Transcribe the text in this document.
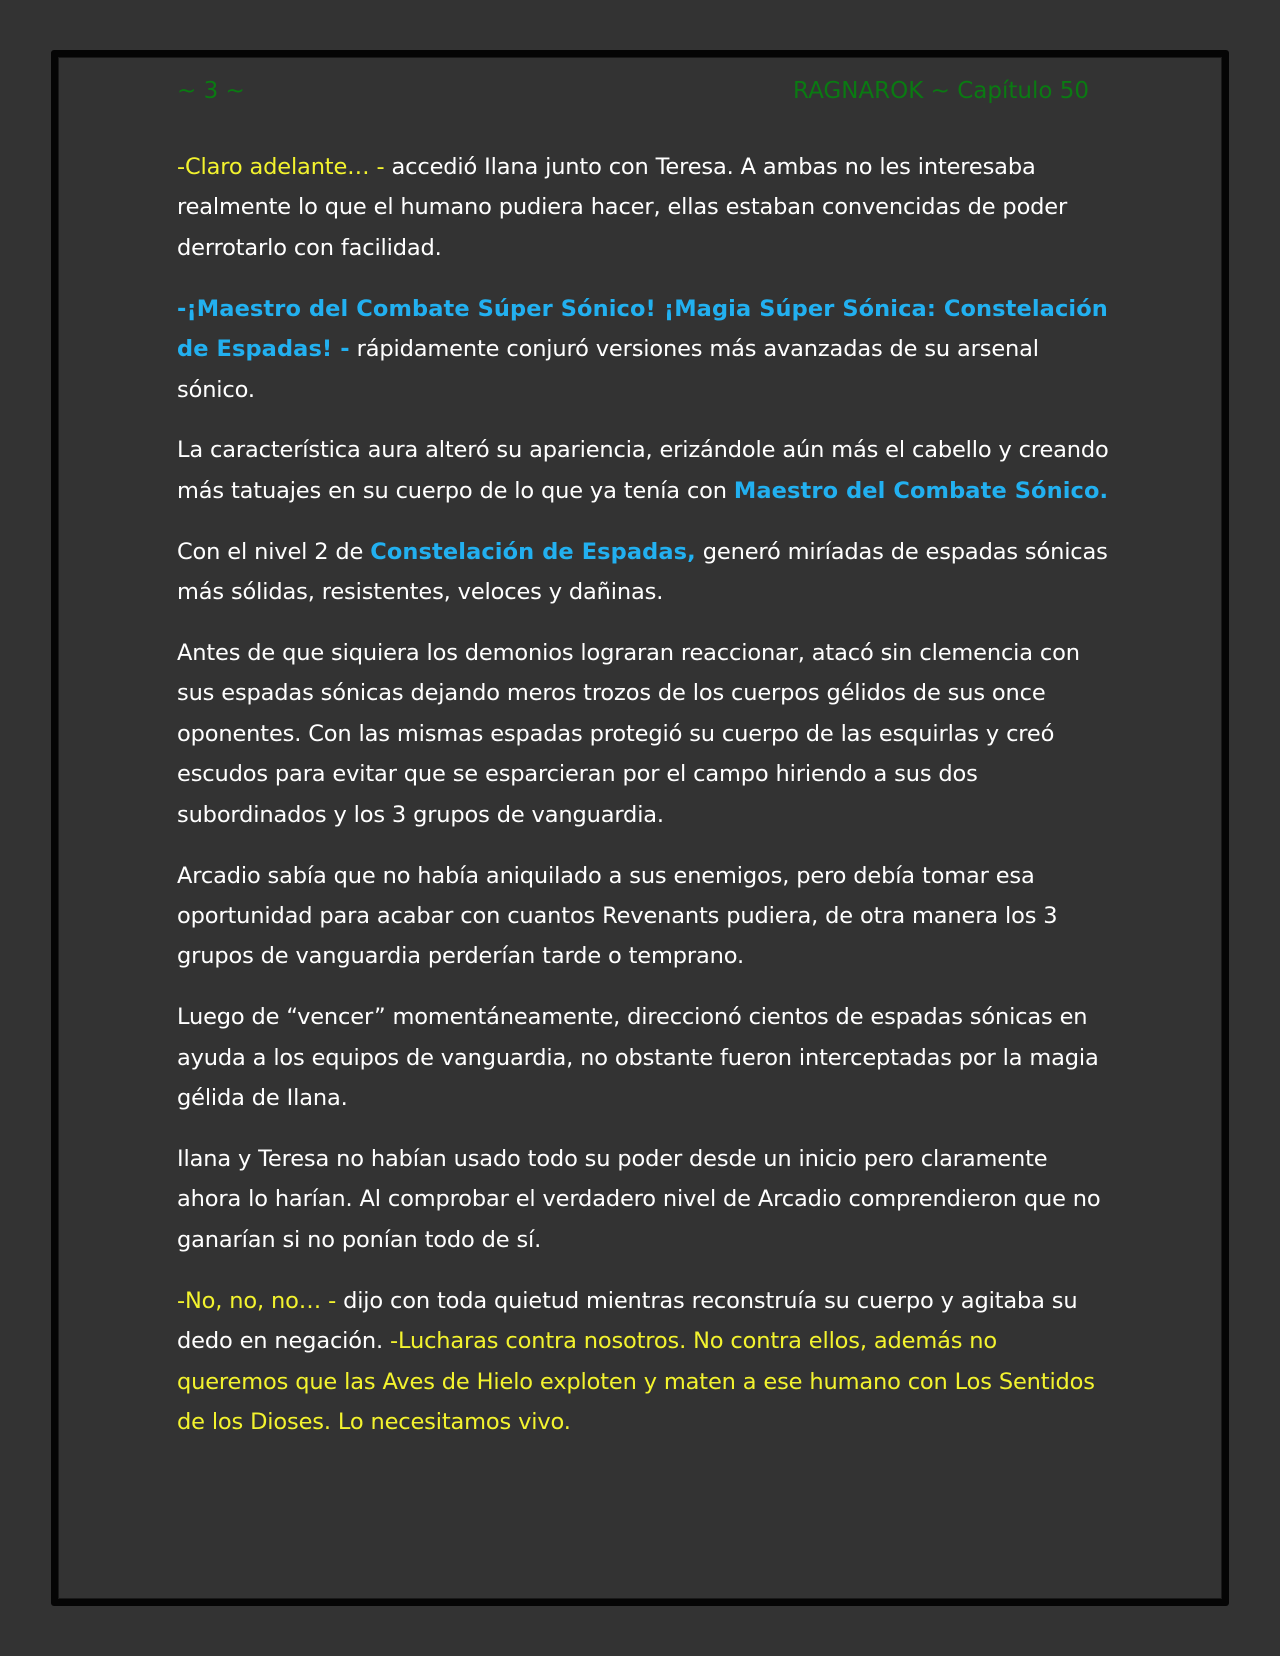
~ 3 ~	RAGNAROK ~ Capítulo 50

-Claro adelante… - accedió Ilana junto con Teresa. A ambas no les interesaba realmente lo que el humano pudiera hacer, ellas estaban convencidas de poder derrotarlo con facilidad.

-¡Maestro del Combate Súper Sónico! ¡Magia Súper Sónica: Constelación de Espadas! - rápidamente conjuró versiones más avanzadas de su arsenal sónico.

La característica aura alteró su apariencia, erizándole aún más el cabello y creando más tatuajes en su cuerpo de lo que ya tenía con Maestro del Combate Sónico.

Con el nivel 2 de Constelación de Espadas, generó miríadas de espadas sónicas más sólidas, resistentes, veloces y dañinas.

Antes de que siquiera los demonios lograran reaccionar, atacó sin clemencia con sus espadas sónicas dejando meros trozos de los cuerpos gélidos de sus once oponentes. Con las mismas espadas protegió su cuerpo de las esquirlas y creó escudos para evitar que se esparcieran por el campo hiriendo a sus dos subordinados y los 3 grupos de vanguardia.

Arcadio sabía que no había aniquilado a sus enemigos, pero debía tomar esa oportunidad para acabar con cuantos Revenants pudiera, de otra manera los 3 grupos de vanguardia perderían tarde o temprano.

Luego de “vencer” momentáneamente, direccionó cientos de espadas sónicas en ayuda a los equipos de vanguardia, no obstante fueron interceptadas por la magia gélida de Ilana.

Ilana y Teresa no habían usado todo su poder desde un inicio pero claramente ahora lo harían. Al comprobar el verdadero nivel de Arcadio comprendieron que no ganarían si no ponían todo de sí.

-No, no, no… - dijo con toda quietud mientras reconstruía su cuerpo y agitaba su dedo en negación. -Lucharas contra nosotros. No contra ellos, además no queremos que las Aves de Hielo exploten y maten a ese humano con Los Sentidos de los Dioses. Lo necesitamos vivo.
